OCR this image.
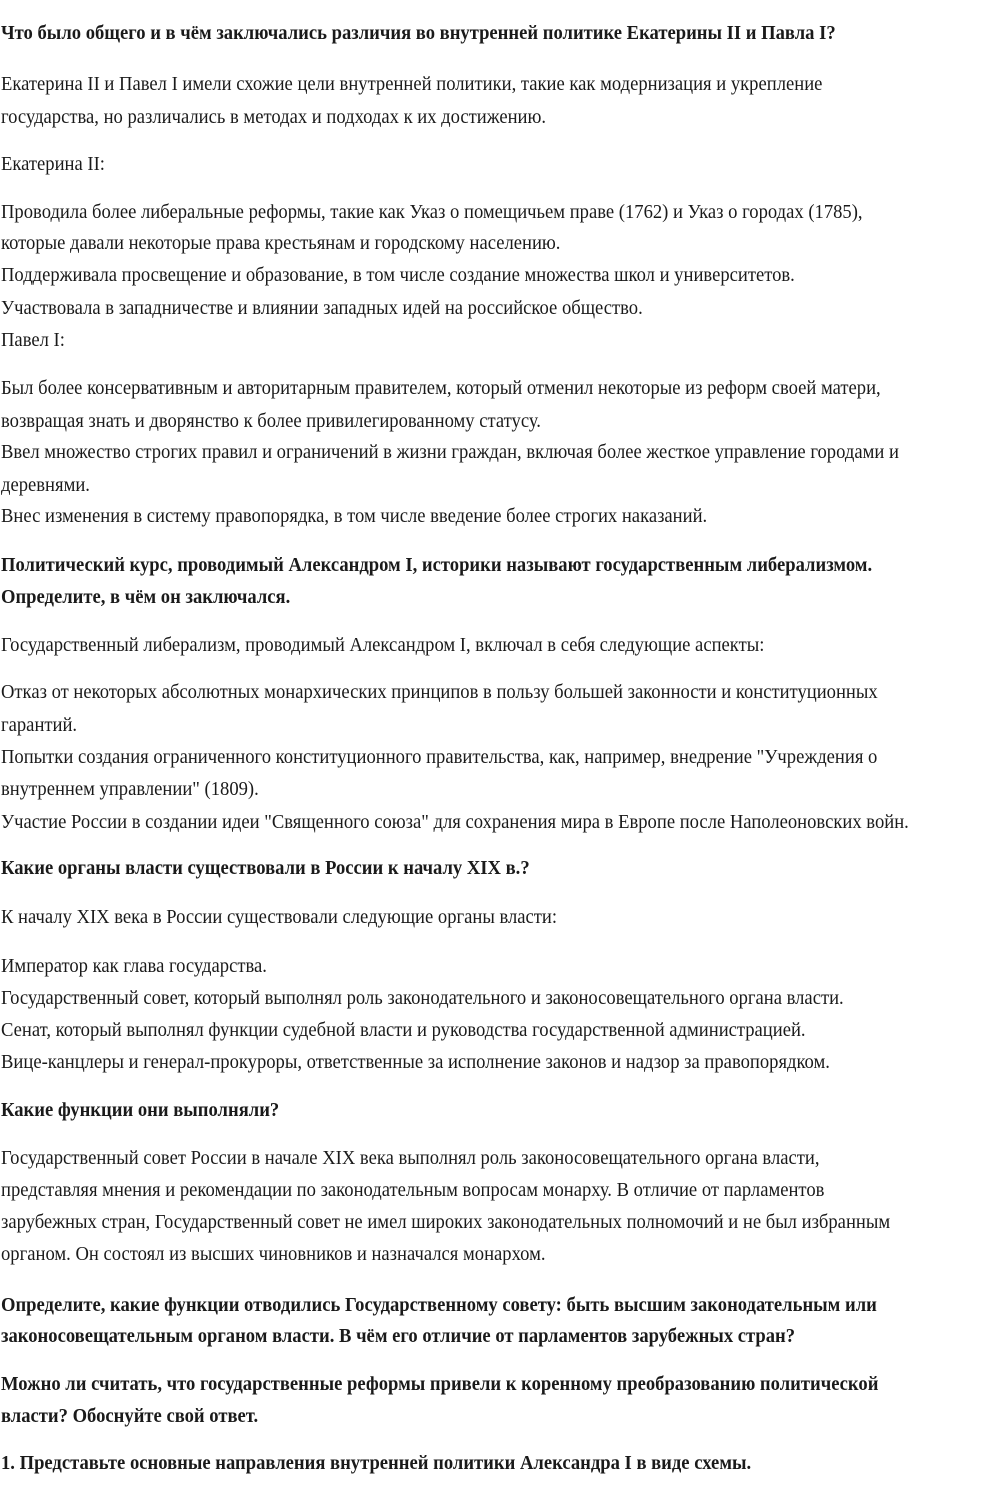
Что было общего и в чём заключались различия во внутренней политике Екатерины II и Павла I?
Екатерина II и Павел I имели схожие цели внутренней политики, такие как модернизация и укрепление
государства, но различались в методах и подходах к их достижению.
Екатерина II:
Проводила более либеральные реформы, такие как Указ о помещичьем праве (1762) и Указ о городах (1785),
которые давали некоторые права крестьянам и городскому населению.
Поддерживала просвещение и образование, в том числе создание множества школ и университетов.
Участвовала в западничестве и влиянии западных идей на российское общество.
Павел I:
Был более консервативным и авторитарным правителем, который отменил некоторые из реформ своей матери,
возвращая знать и дворянство к более привилегированному статусу.
Ввел множество строгих правил и ограничений в жизни граждан, включая более жесткое управление городами и
деревнями.
Внес изменения в систему правопорядка, в том числе введение более строгих наказаний.
Политический курс, проводимый Александром I, историки называют государственным либерализмом.
Определите, в чём он заключался.
Государственный либерализм, проводимый Александром I, включал в себя следующие аспекты:
Отказ от некоторых абсолютных монархических принципов в пользу большей законности и конституционных
гарантий.
Попытки создания ограниченного конституционного правительства, как, например, внедрение "Учреждения о
внутреннем управлении" (1809).
Участие России в создании идеи "Священного союза" для сохранения мира в Европе после Наполеоновских войн.
Какие органы власти существовали в России к началу XIX в.?
К началу XIX века в России существовали следующие органы власти:
Император как глава государства.
Государственный совет, который выполнял роль законодательного и законосовещательного органа власти.
Сенат, который выполнял функции судебной власти и руководства государственной администрацией.
Вице-канцлеры и генерал-прокуроры, ответственные за исполнение законов и надзор за правопорядком.
Какие функции они выполняли?
Государственный совет России в начале XIX века выполнял роль законосовещательного органа власти,
представляя мнения и рекомендации по законодательным вопросам монарху. В отличие от парламентов
зарубежных стран, Государственный совет не имел широких законодательных полномочий и не был избранным
органом. Он состоял из высших чиновников и назначался монархом.
Определите, какие функции отводились Государственному совету: быть высшим законодательным или
законосовещательным органом власти. В чём его отличие от парламентов зарубежных стран?
Можно ли считать, что государственные реформы привели к коренному преобразованию политической
власти? Обоснуйте свой ответ.
1. Представьте основные направления внутренней политики Александра I в виде схемы.
